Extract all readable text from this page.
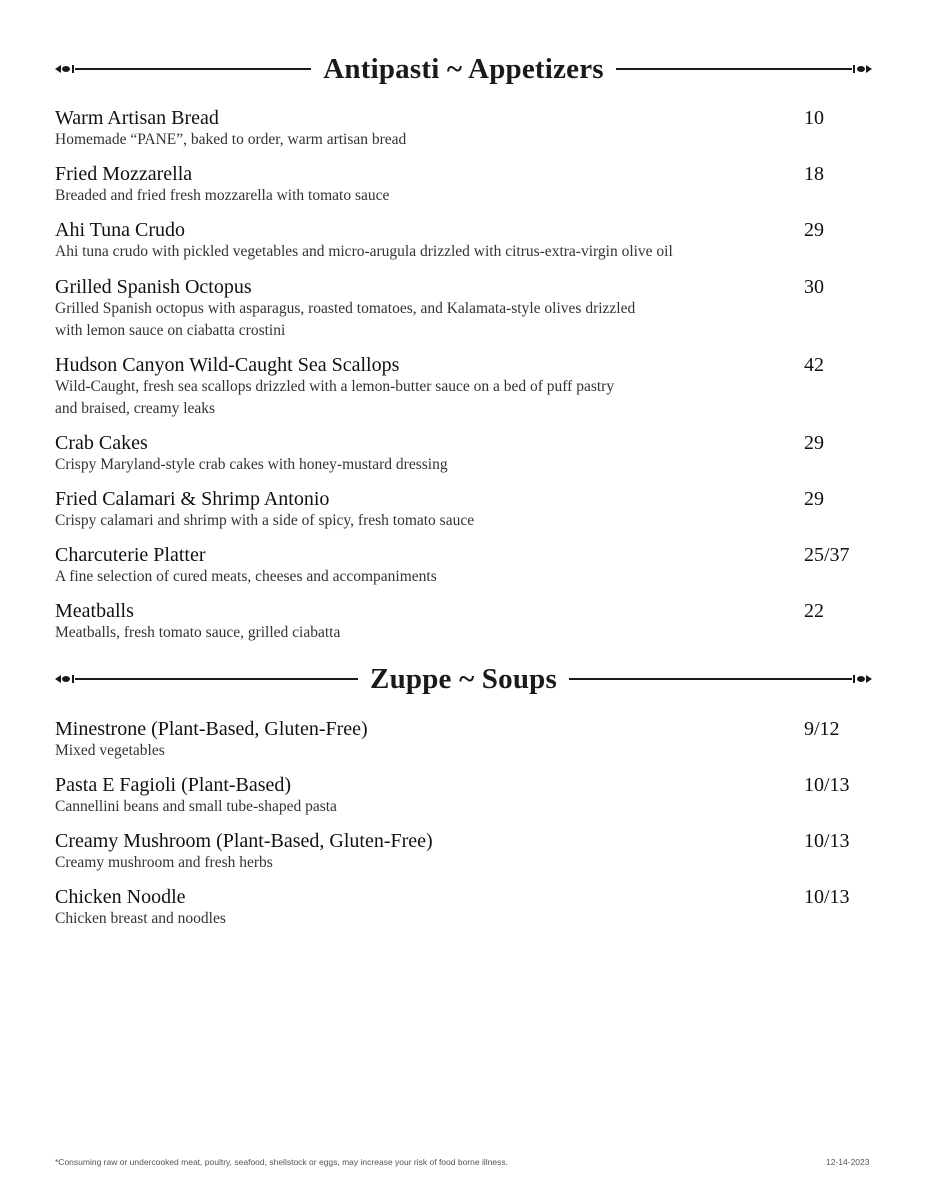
Antipasti ~ Appetizers
Warm Artisan Bread	10
Homemade “PANE”, baked to order, warm artisan bread
Fried Mozzarella	18
Breaded and fried fresh mozzarella with tomato sauce
Ahi Tuna Crudo	29
Ahi tuna crudo with pickled vegetables and micro-arugula drizzled with citrus-extra-virgin olive oil
Grilled Spanish Octopus	30
Grilled Spanish octopus with asparagus, roasted tomatoes, and Kalamata-style olives drizzled
with lemon sauce on ciabatta crostini
Hudson Canyon Wild-Caught Sea Scallops	42
Wild-Caught, fresh sea scallops drizzled with a lemon-butter sauce on a bed of puff pastry
and braised, creamy leaks
Crab Cakes	29
Crispy Maryland-style crab cakes with honey-mustard dressing
Fried Calamari & Shrimp Antonio	29
Crispy calamari and shrimp with a side of spicy, fresh tomato sauce
Charcuterie Platter	25/37
A fine selection of cured meats, cheeses and accompaniments
Meatballs	22
Meatballs, fresh tomato sauce, grilled ciabatta
Zuppe ~ Soups
Minestrone (Plant-Based, Gluten-Free)	9/12
Mixed vegetables
Pasta E Fagioli (Plant-Based)	10/13
Cannellini beans and small tube-shaped pasta
Creamy Mushroom (Plant-Based, Gluten-Free)	10/13
Creamy mushroom and fresh herbs
Chicken Noodle	10/13
Chicken breast and noodles
*Consuming raw or undercooked meat, poultry, seafood, shellstock or eggs, may increase your risk of food borne illness.	12-14-2023
